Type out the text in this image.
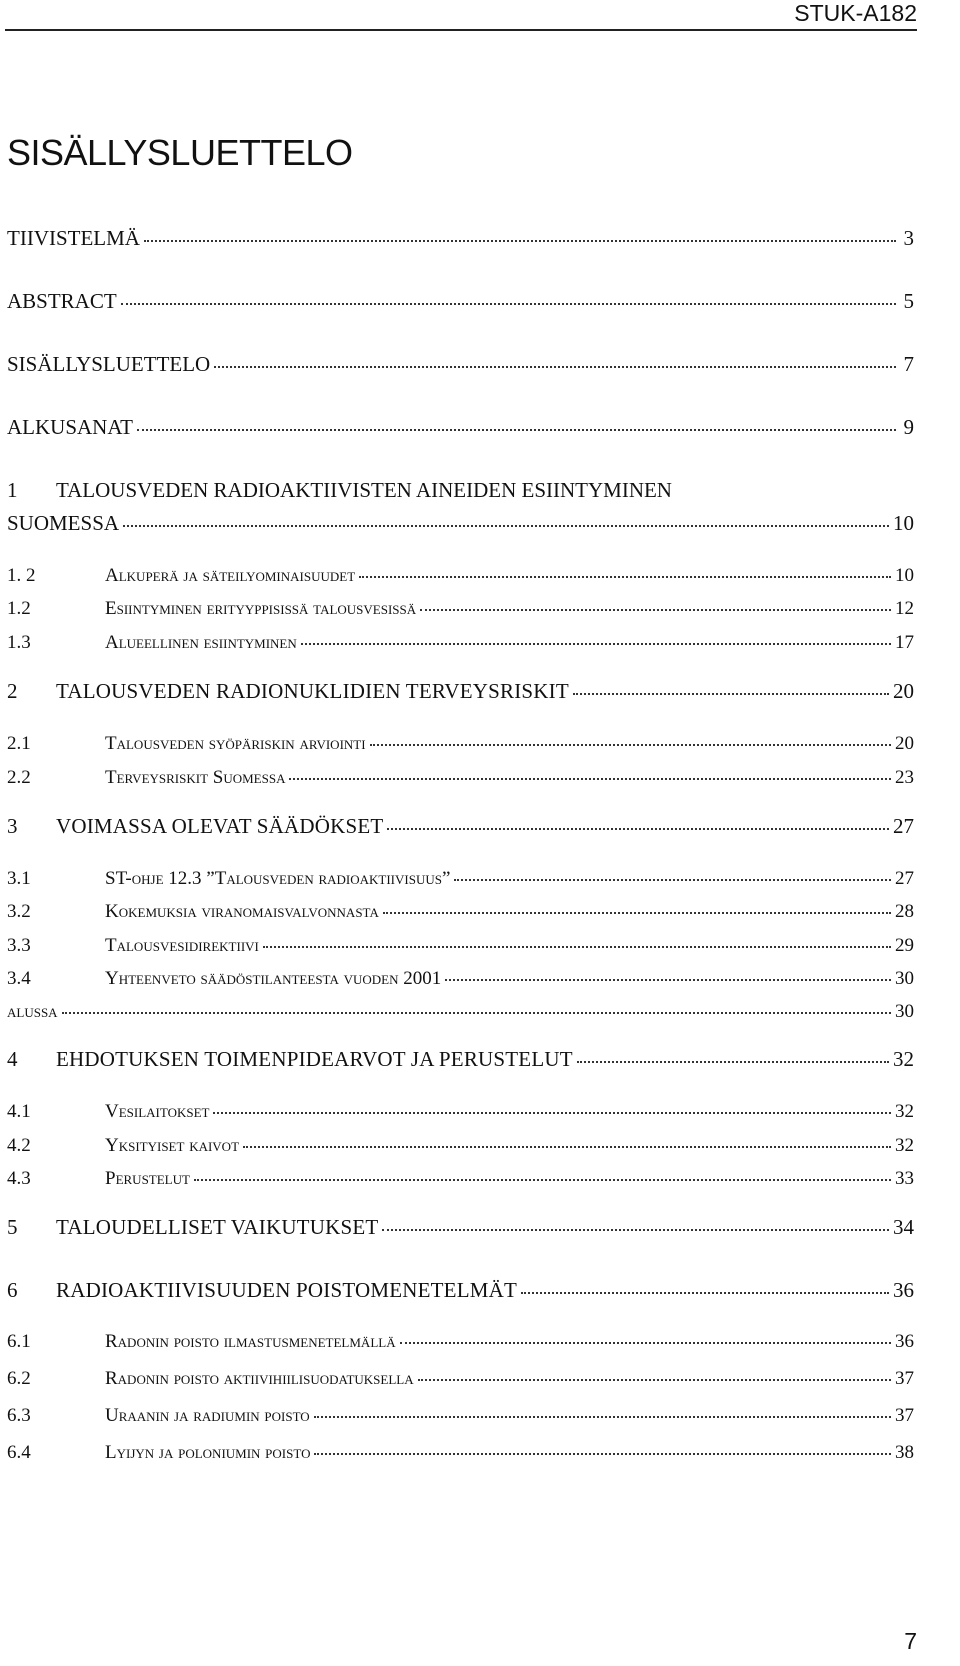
STUK-A182
SISÄLLYSLUETTELO
TIIVISTELMÄ	3
ABSTRACT	5
SISÄLLYSLUETTELO	7
ALKUSANAT	9
1 TALOUSVEDEN RADIOAKTIIVISTEN AINEIDEN ESIINTYMINEN
SUOMESSA	10
1. 2	Alkuperä ja säteilyominaisuudet	10
1.2	Esiintyminen erityyppisissä talousvesissä	12
1.3	Alueellinen esiintyminen	17
2	TALOUSVEDEN RADIONUKLIDIEN TERVEYSRISKIT	20
2.1	Talousveden syöpäriskin arviointi	20
2.2	Terveysriskit Suomessa	23
3	VOIMASSA OLEVAT SÄÄDÖKSET	27
3.1	ST-ohje 12.3 ”Talousveden radioaktiivisuus”	27
3.2	Kokemuksia viranomaisvalvonnasta	28
3.3	Talousvesidirektiivi	29
3.4	Yhteenveto säädöstilanteesta vuoden 2001	30
alussa	30
4	EHDOTUKSEN TOIMENPIDEARVOT JA PERUSTELUT	32
4.1	Vesilaitokset	32
4.2	Yksityiset kaivot	32
4.3	Perustelut	33
5	TALOUDELLISET VAIKUTUKSET	34
6	RADIOAKTIIVISUUDEN POISTOMENETELMÄT	36
6.1	Radonin poisto ilmastusmenetelmällä	36
6.2	Radonin poisto aktiivihiilisuodatuksella	37
6.3	Uraanin ja radiumin poisto	37
6.4	Lyijyn ja poloniumin poisto	38
7
